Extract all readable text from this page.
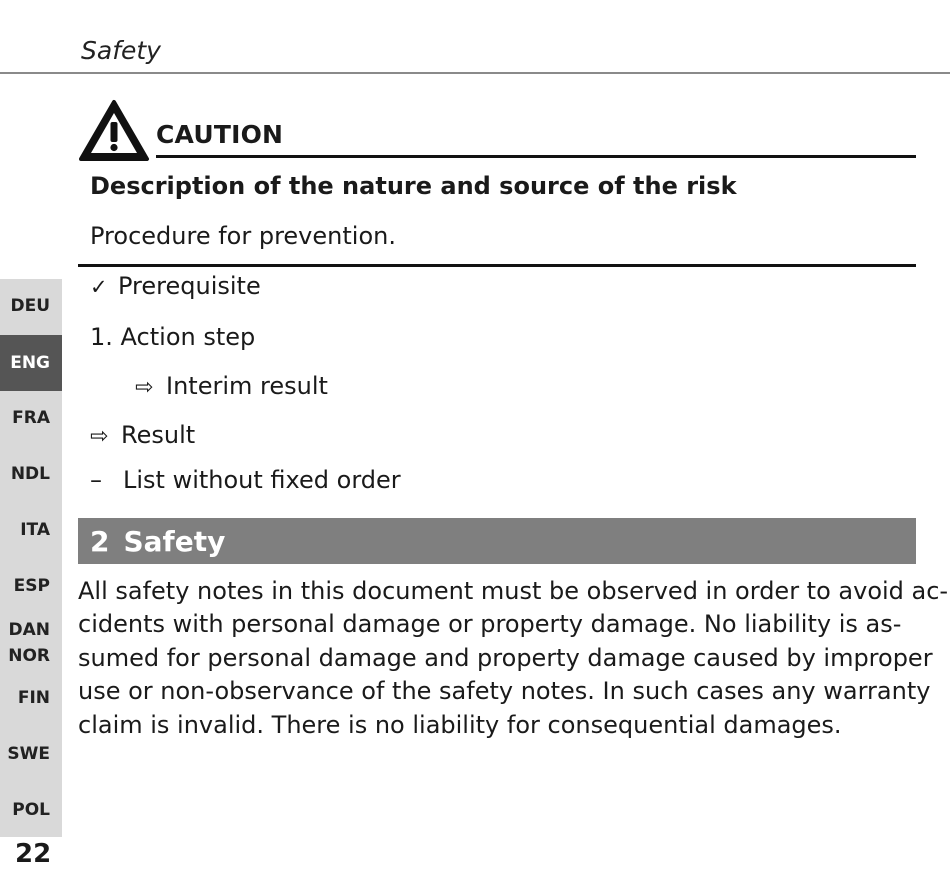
Safety
CAUTION
Description of the nature and source of the risk
Procedure for prevention.
✓ Prerequisite
1. Action step
⇨ Interim result
⇨ Result
– List without fixed order
2 Safety
All safety notes in this document must be observed in order to avoid ac-
cidents with personal damage or property damage. No liability is as-
sumed for personal damage and property damage caused by improper
use or non-observance of the safety notes. In such cases any warranty
claim is invalid. There is no liability for consequential damages.
DEU
ENG
FRA
NDL
ITA
ESP
DAN
NOR
FIN
SWE
POL
22
